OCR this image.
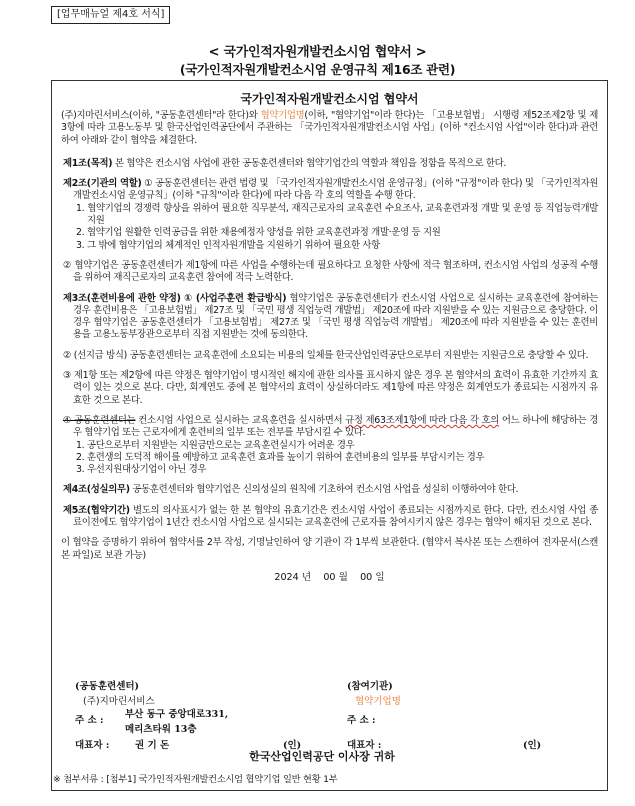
[업무매뉴얼 제4호 서식]
< 국가인적자원개발컨소시엄 협약서 >
(국가인적자원개발컨소시엄 운영규칙 제16조 관련)
국가인적자원개발컨소시엄 협약서

(주)지마린서비스(이하, "공동훈련센터"라 한다)와 협약기업명(이하, "협약기업"이라 한다)는 「고용보험법」 시행령 제52조제2항 및 제3항에 따라 고용노동부 및 한국산업인력공단에서 주관하는 「국가인적자원개발컨소시엄 사업」(이하 "컨소시엄 사업"이라 한다)과 관련하여 아래와 같이 협약을 체결한다.

제1조(목적) 본 협약은 컨소시엄 사업에 관한 공동훈련센터와 협약기업간의 역할과 책임을 정함을 목적으로 한다.

제2조(기관의 역할) ① 공동훈련센터는 관련 법령 및 「국가인적자원개발컨소시엄 운영규정」(이하 "규정"이라 한다) 및 「국가인적자원개발컨소시엄 운영규칙」(이하 "규칙"이라 한다)에 따라 다음 각 호의 역할을 수행 한다.

1. 협약기업의 경쟁력 향상을 위하여 필요한 직무분석, 재직근로자의 교육훈련 수요조사, 교육훈련과정 개발 및 운영 등 직업능력개발 지원

2. 협약기업 원활한 인력공급을 위한 채용예정자 양성을 위한 교육훈련과정 개발·운영 등 지원

3. 그 밖에 협약기업의 체계적인 인적자원개발을 지원하기 위하여 필요한 사항

② 협약기업은 공동훈련센터가 제1항에 따른 사업을 수행하는데 필요하다고 요청한 사항에 적극 협조하며, 컨소시엄 사업의 성공적 수행을 위하여 재직근로자의 교육훈련 참여에 적극 노력한다.

제3조(훈련비용에 관한 약정) ① (사업주훈련 환급방식) 협약기업은 공동훈련센터가 컨소시엄 사업으로 실시하는 교육훈련에 참여하는 경우 훈련비용은 「고용보험법」 제27조 및 「국민 평생 직업능력 개발법」 제20조에 따라 지원받을 수 있는 지원금으로 충당한다. 이 경우 협약기업은 공동훈련센터가 「고용보험법」 제27조 및 「국민 평생 직업능력 개발법」 제20조에 따라 지원받을 수 있는 훈련비용을 고용노동부장관으로부터 직접 지원받는 것에 동의한다.

② (선지급 방식) 공동훈련센터는 교육훈련에 소요되는 비용의 일체를 한국산업인력공단으로부터 지원받는 지원금으로 충당할 수 있다.

③ 제1항 또는 제2항에 따른 약정은 협약기업이 명시적인 해지에 관한 의사를 표시하지 않은 경우 본 협약서의 효력이 유효한 기간까지 효력이 있는 것으로 본다. 다만, 회계연도 중에 본 협약서의 효력이 상실하더라도 제1항에 따른 약정은 회계연도가 종료되는 시점까지 유효한 것으로 본다.

④ 공동훈련센터는 컨소시엄 사업으로 실시하는 교육훈련을 실시하면서 규정 제63조제1항에 따라 다음 각 호의 어느 하나에 해당하는 경우 협약기업 또는 근로자에게 훈련비의 일부 또는 전부를 부담시킬 수 있다.

1. 공단으로부터 지원받는 지원금만으로는 교육훈련실시가 어려운 경우

2. 훈련생의 도덕적 해이를 예방하고 교육훈련 효과를 높이기 위하여 훈련비용의 일부를 부담시키는 경우

3. 우선지원대상기업이 아닌 경우

제4조(성실의무) 공동훈련센터와 협약기업은 신의성실의 원칙에 기초하여 컨소시엄 사업을 성실히 이행하여야 한다.

제5조(협약기간) 별도의 의사표시가 없는 한 본 협약의 유효기간은 컨소시엄 사업이 종료되는 시점까지로 한다. 다만, 컨소시엄 사업 종료이전에도 협약기업이 1년간 컨소시엄 사업으로 실시되는 교육훈련에 근로자를 참여시키지 않은 경우는 협약이 해지된 것으로 본다.

이 협약을 증명하기 위하여 협약서를 2부 작성, 기명날인하여 양 기관이 각 1부씩 보관한다. (협약서 복사본 또는 스캔하여 전자문서(스캔본 파일)로 보관 가능)

2024 년 00 월 00 일
(공동훈련센터)
(주)지마린서비스
주 소 :
부산 동구 중앙대로331,
메리츠타워 13층
대표자 :	권 기 돈	(인)
(참여기관)
협약기업명
주 소 :
대표자 :	(인)
한국산업인력공단 이사장 귀하
※ 첨부서류 : [첨부1] 국가인적자원개발컨소시엄 협약기업 일반 현황 1부
